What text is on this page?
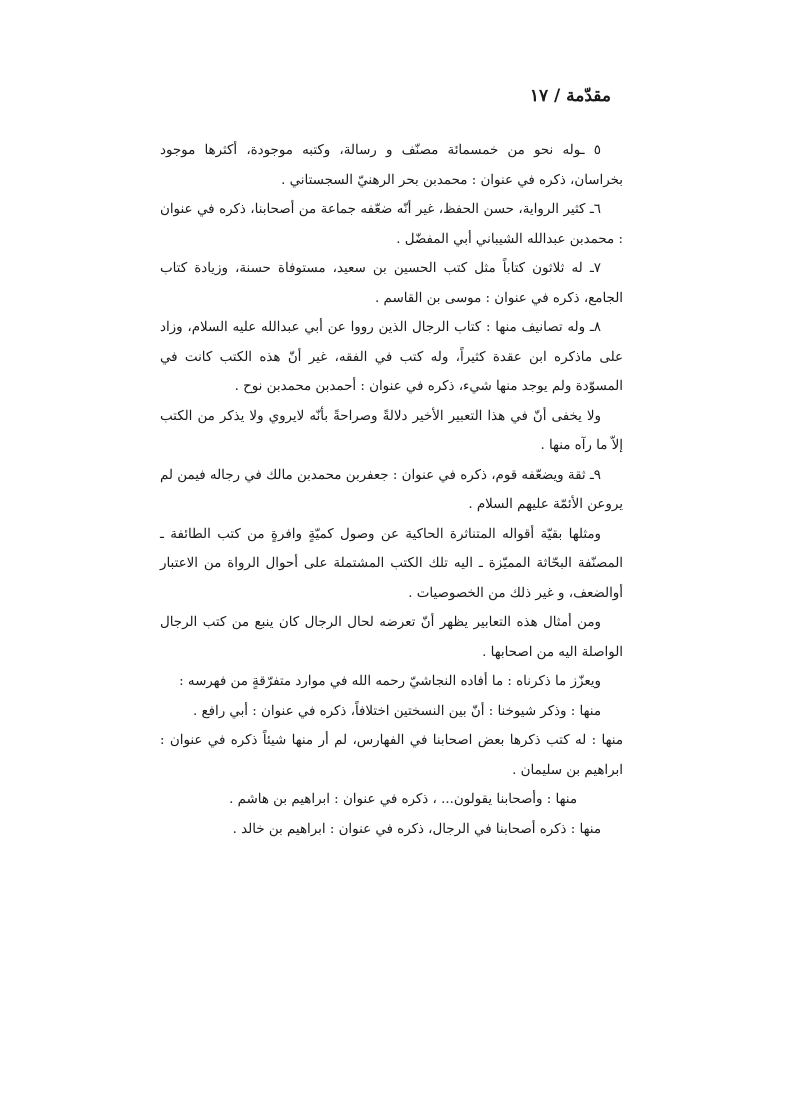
مقدّمة / ١٧

٥ ـوله نحو من خمسمائة مصنّف و رسالة، وكتبه موجودة، أكثرها موجود بخراسان، ذكره في عنوان : محمدبن بحر الرهنيّ السجستاني .

٦ـ كثير الرواية، حسن الحفظ، غير أنّه ضعّفه جماعة من أصحابنا، ذكره في عنوان : محمدبن عبدالله الشيباني أبي المفضّل .

٧ـ له ثلاثون كتاباً مثل كتب الحسين بن سعيد، مستوفاة حسنة، وزيادة كتاب الجامع، ذكره في عنوان : موسى بن القاسم .

٨ـ وله تصانيف منها : كتاب الرجال الذين رووا عن أبي عبدالله عليه السلام، وزاد على ماذكره ابن عقدة كثيراً، وله كتب في الفقه، غير أنّ هذه الكتب كانت في المسوّدة ولم يوجد منها شيء، ذكره في عنوان : أحمدبن محمدبن نوح .

ولا يخفى أنّ في هذا التعبير الأخير دلالةً وصراحةً بأنّه لايروي ولا يذكر من الكتب إلاّ ما رآه منها .

٩ـ ثقة ويضعّفه قوم، ذكره في عنوان : جعفربن محمدبن مالك في رجاله فيمن لم يروعن الأئمّة عليهم السلام .

ومثلها بقيّة أقواله المتناثرة الحاكية عن وصول كميّةٍ وافرةٍ من كتب الطائفة ـ المصنّفة البحّاثة المميّزة ـ اليه تلك الكتب المشتملة على أحوال الرواة من الاعتبار أوالضعف، و غير ذلك من الخصوصيات .

ومن أمثال هذه التعابير يظهر أنّ تعرضه لحال الرجال كان ينبع من كتب الرجال الواصلة اليه من اصحابها .

ويعزّز ما ذكرناه : ما أفاده النجاشيّ رحمه الله في موارد متفرّقةٍ من فهرسه :

منها : وذكر شيوخنا : أنّ بين النسختين اختلافاً، ذكره في عنوان : أبي رافع .

منها : له كتب ذكرها بعض اصحابنا في الفهارس، لم أر منها شيئاً ذكره في عنوان : ابراهيم بن سليمان .

منها : وأصحابنا يقولون... ، ذكره في عنوان : ابراهيم بن هاشم .

منها : ذكره أصحابنا في الرجال، ذكره في عنوان : ابراهيم بن خالد .
